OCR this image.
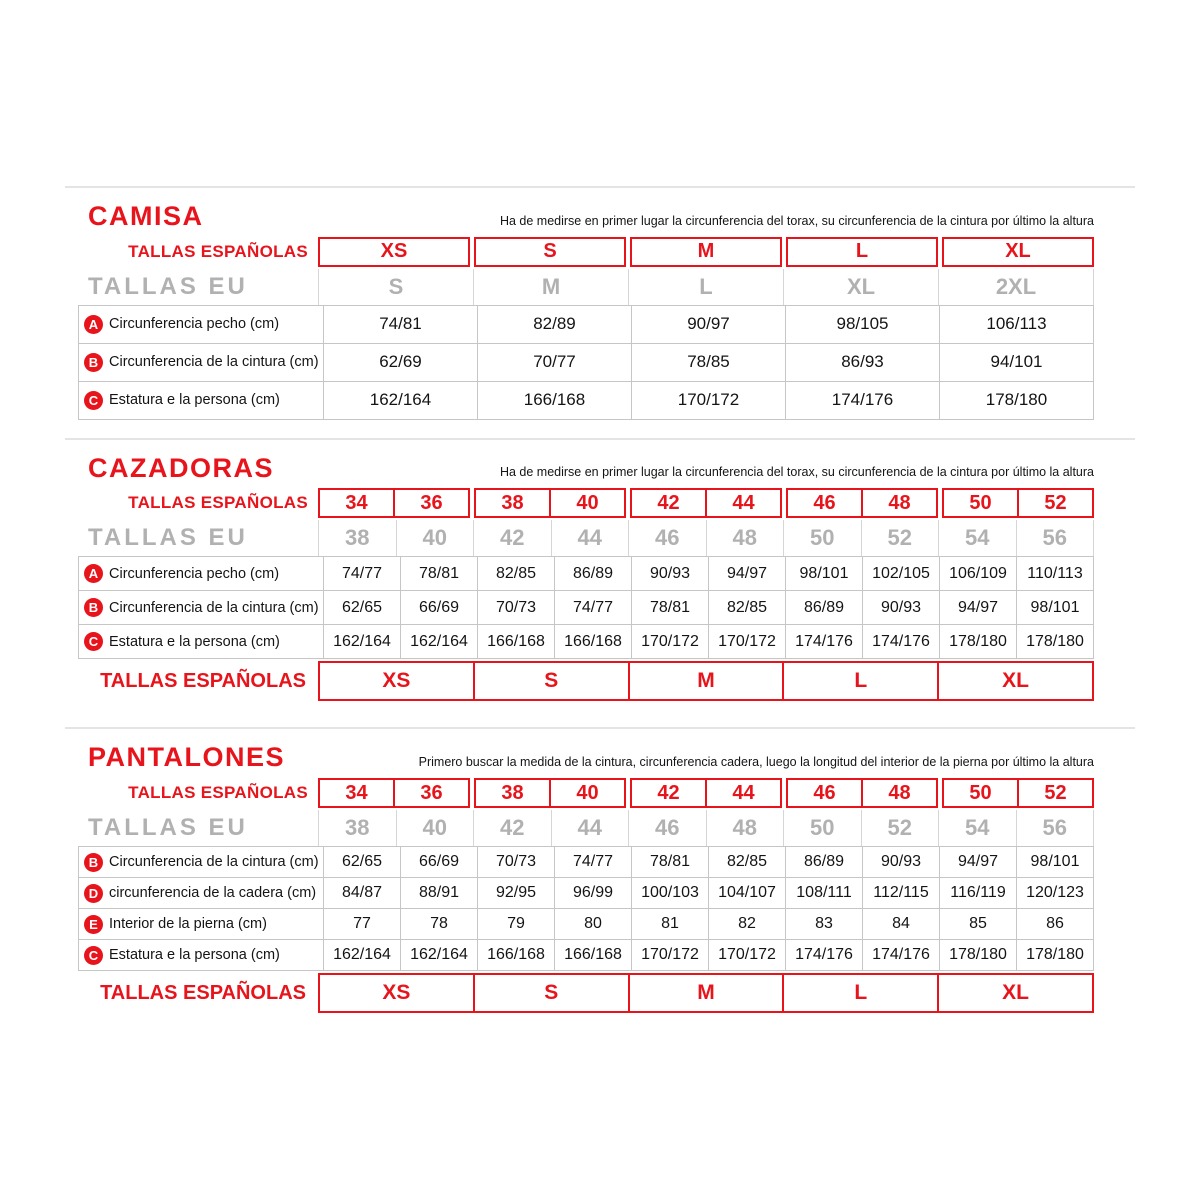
CAMISA	Ha de medirse en primer lugar la circunferencia del torax, su circunferencia de la cintura por último la altura
TALLAS ESPAÑOLAS	XS	S	M	L	XL
TALLAS EU	S	M	L	XL	2XL
A Circunferencia pecho (cm)	74/81	82/89	90/97	98/105	106/113

B Circunferencia de la cintura (cm)	62/69	70/77	78/85	86/93	94/101

C Estatura e la persona (cm)	162/164	166/168	170/172	174/176	178/180
CAZADORAS	Ha de medirse en primer lugar la circunferencia del torax, su circunferencia de la cintura por último la altura
TALLAS ESPAÑOLAS	34	36	38	40	42	44	46	48	50	52
TALLAS EU	38	40	42	44	46	48	50	52	54	56
A Circunferencia pecho (cm)	74/77	78/81	82/85	86/89	90/93	94/97	98/101	102/105	106/109	110/113

B Circunferencia de la cintura (cm)	62/65	66/69	70/73	74/77	78/81	82/85	86/89	90/93	94/97	98/101

C Estatura e la persona (cm)	162/164	162/164	166/168	166/168	170/172	170/172	174/176	174/176	178/180	178/180
TALLAS ESPAÑOLAS	XS	S	M	L	XL
PANTALONES	Primero buscar la medida de la cintura, circunferencia cadera, luego la longitud del interior de la pierna por último la altura
TALLAS ESPAÑOLAS	34	36	38	40	42	44	46	48	50	52
TALLAS EU	38	40	42	44	46	48	50	52	54	56
B Circunferencia de la cintura (cm)	62/65	66/69	70/73	74/77	78/81	82/85	86/89	90/93	94/97	98/101

D circunferencia de la cadera (cm)	84/87	88/91	92/95	96/99	100/103	104/107	108/111	112/115	116/119	120/123

E Interior de la pierna (cm)	77	78	79	80	81	82	83	84	85	86

C Estatura e la persona (cm)	162/164	162/164	166/168	166/168	170/172	170/172	174/176	174/176	178/180	178/180
TALLAS ESPAÑOLAS	XS	S	M	L	XL
